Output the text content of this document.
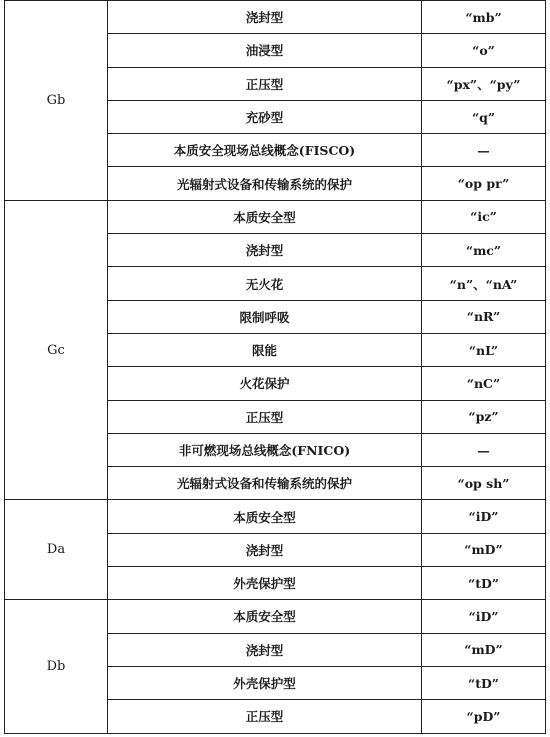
Gb	浇封型	“mb”
	油浸型	“o”
	正压型	“px”、“py”
	充砂型	“q”
	本质安全现场总线概念(FISCO)	—
	光辐射式设备和传输系统的保护	“op pr”
Gc	本质安全型	“ic”
	浇封型	“mc”
	无火花	“n”、“nA”
	限制呼吸	“nR”
	限能	“nL”
	火花保护	“nC”
	正压型	“pz”
	非可燃现场总线概念(FNICO)	—
	光辐射式设备和传输系统的保护	“op sh”
Da	本质安全型	“iD”
	浇封型	“mD”
	外壳保护型	“tD”
Db	本质安全型	“iD”
	浇封型	“mD”
	外壳保护型	“tD”
	正压型	“pD”
